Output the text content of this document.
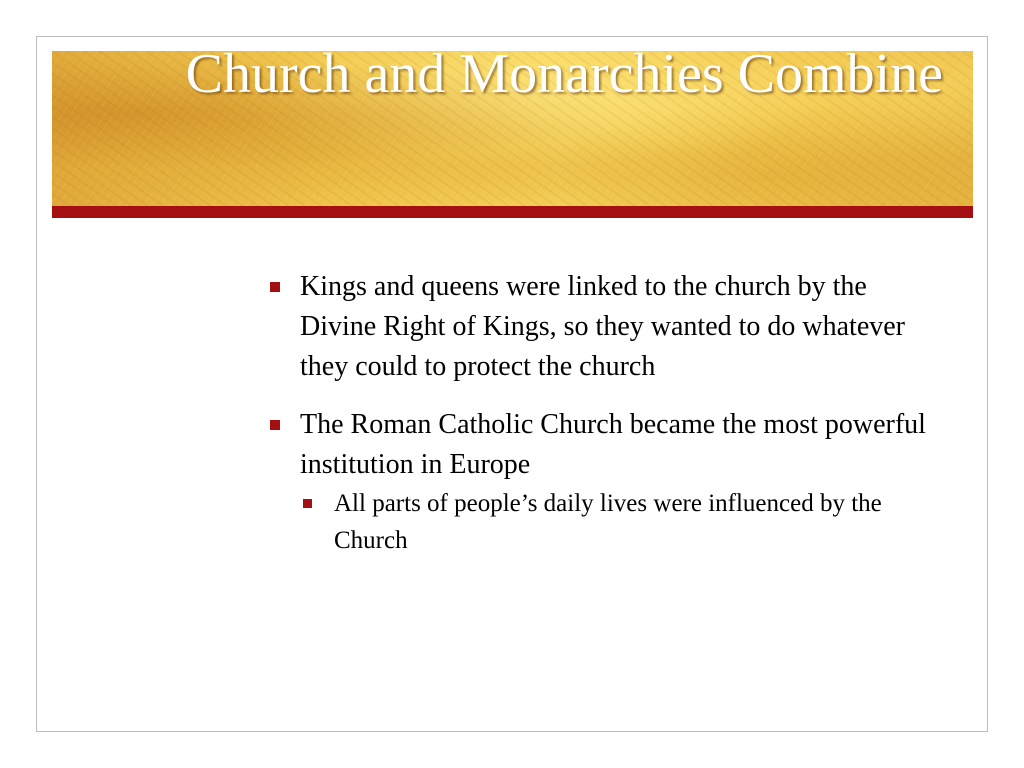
Church and Monarchies Combine
Kings and queens were linked to the church by the Divine Right of Kings, so they wanted to do whatever they could to protect the church
The Roman Catholic Church became the most powerful institution in Europe
All parts of people’s daily lives were influenced by the Church
